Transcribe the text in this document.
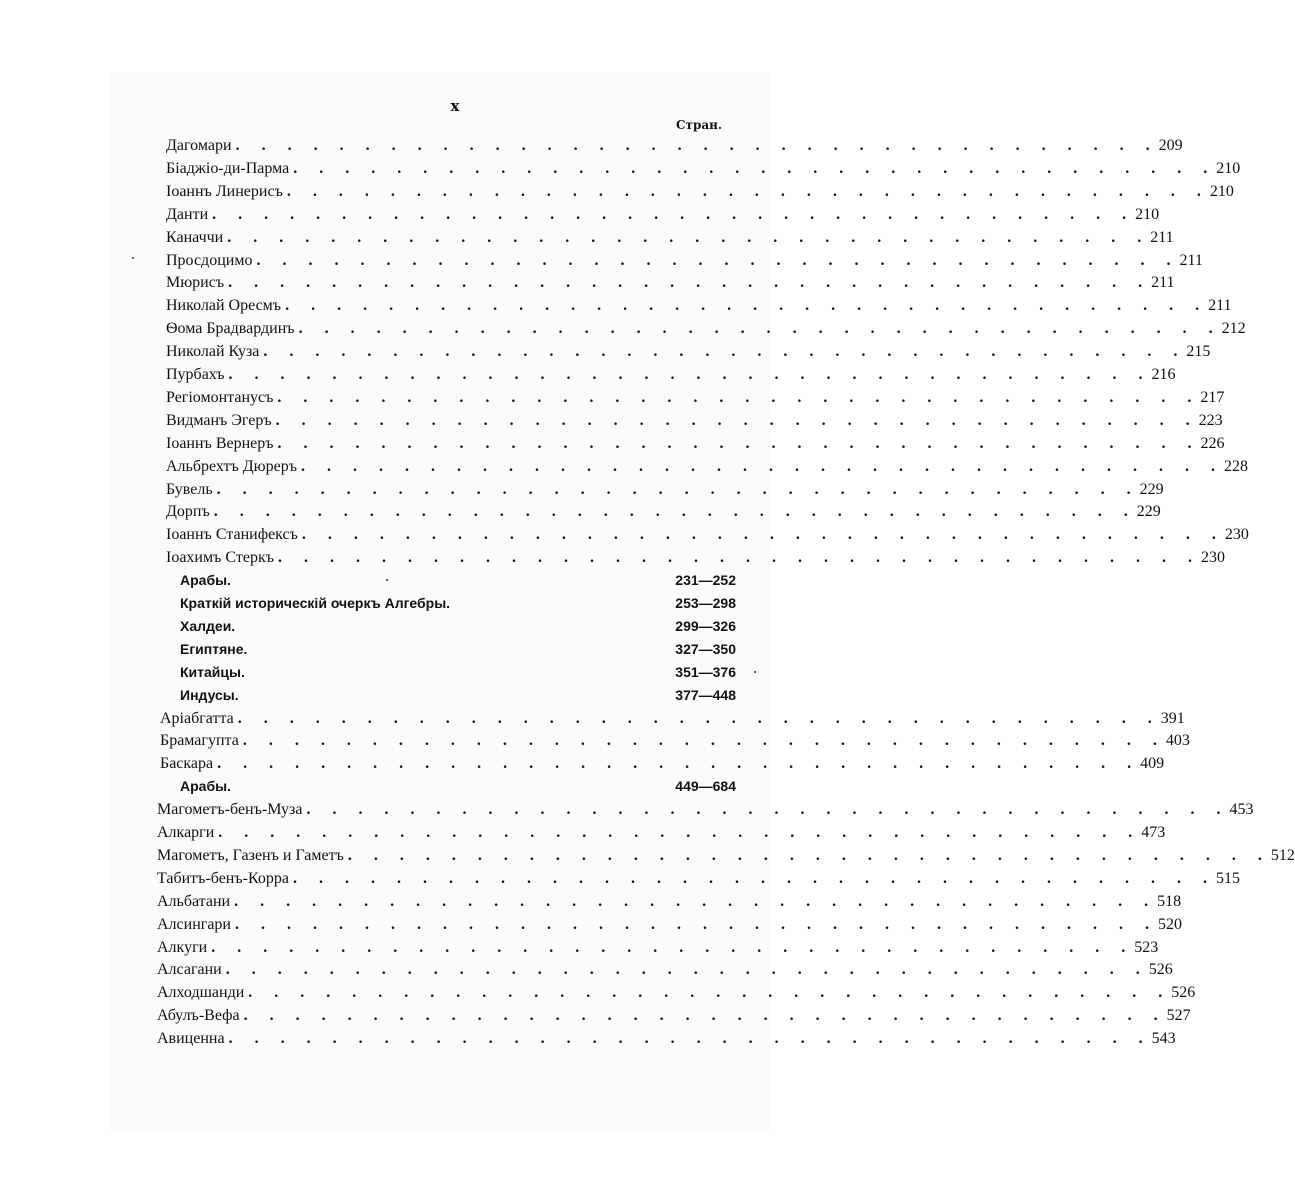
x
Стран.
Дагомари . . . . . . . . . . . . . . . . . . . . . . . . . . . . . . . . . . . . 209
Біаджіо-ди-Парма . . . . . . . . . . . . . . . . . . . . . . . . . . . . . . . . . . . . 210
Іоаннъ Линерисъ . . . . . . . . . . . . . . . . . . . . . . . . . . . . . . . . . . . . 210
Данти . . . . . . . . . . . . . . . . . . . . . . . . . . . . . . . . . . . . 210
Каначчи . . . . . . . . . . . . . . . . . . . . . . . . . . . . . . . . . . . . 211
Просдоцимо . . . . . . . . . . . . . . . . . . . . . . . . . . . . . . . . . . . . 211
Мюрисъ . . . . . . . . . . . . . . . . . . . . . . . . . . . . . . . . . . . . 211
Николай Оресмъ . . . . . . . . . . . . . . . . . . . . . . . . . . . . . . . . . . . . 211
Ѳома Брадвардинъ . . . . . . . . . . . . . . . . . . . . . . . . . . . . . . . . . . . . 212
Николай Куза . . . . . . . . . . . . . . . . . . . . . . . . . . . . . . . . . . . . 215
Пурбахъ . . . . . . . . . . . . . . . . . . . . . . . . . . . . . . . . . . . . 216
Регіомонтанусъ . . . . . . . . . . . . . . . . . . . . . . . . . . . . . . . . . . . . 217
Видманъ Эгеръ . . . . . . . . . . . . . . . . . . . . . . . . . . . . . . . . . . . . 223
Іоаннъ Вернеръ . . . . . . . . . . . . . . . . . . . . . . . . . . . . . . . . . . . . 226
Альбрехтъ Дюреръ . . . . . . . . . . . . . . . . . . . . . . . . . . . . . . . . . . . . 228
Бувель . . . . . . . . . . . . . . . . . . . . . . . . . . . . . . . . . . . . 229
Дорпъ . . . . . . . . . . . . . . . . . . . . . . . . . . . . . . . . . . . . 229
Іоаннъ Станифексъ . . . . . . . . . . . . . . . . . . . . . . . . . . . . . . . . . . . . 230
Іоахимъ Стеркъ . . . . . . . . . . . . . . . . . . . . . . . . . . . . . . . . . . . . 230
Арабы.	231—252
Краткій историческій очеркъ Алгебры.	253—298
Халдеи.	299—326
Египтяне.	327—350
Китайцы.	351—376
Индусы.	377—448
Аріабгатта . . . . . . . . . . . . . . . . . . . . . . . . . . . . . . . . . . . . 391
Брамагупта . . . . . . . . . . . . . . . . . . . . . . . . . . . . . . . . . . . . 403
Баскара . . . . . . . . . . . . . . . . . . . . . . . . . . . . . . . . . . . . 409
Арабы.	449—684
Магометъ-бенъ-Муза . . . . . . . . . . . . . . . . . . . . . . . . . . . . . . . . . . . . 453
Алкарги . . . . . . . . . . . . . . . . . . . . . . . . . . . . . . . . . . . . 473
Магометъ, Газенъ и Гаметъ . . . . . . . . . . . . . . . . . . . . . . . . . . . . . . . . . . . . 512
Табитъ-бенъ-Корра . . . . . . . . . . . . . . . . . . . . . . . . . . . . . . . . . . . . 515
Альбатани . . . . . . . . . . . . . . . . . . . . . . . . . . . . . . . . . . . . 518
Алсингари . . . . . . . . . . . . . . . . . . . . . . . . . . . . . . . . . . . . 520
Алкуги . . . . . . . . . . . . . . . . . . . . . . . . . . . . . . . . . . . . 523
Алсагани . . . . . . . . . . . . . . . . . . . . . . . . . . . . . . . . . . . . 526
Алходшанди . . . . . . . . . . . . . . . . . . . . . . . . . . . . . . . . . . . . 526
Абулъ-Вефа . . . . . . . . . . . . . . . . . . . . . . . . . . . . . . . . . . . . 527
Авиценна . . . . . . . . . . . . . . . . . . . . . . . . . . . . . . . . . . . . 543
